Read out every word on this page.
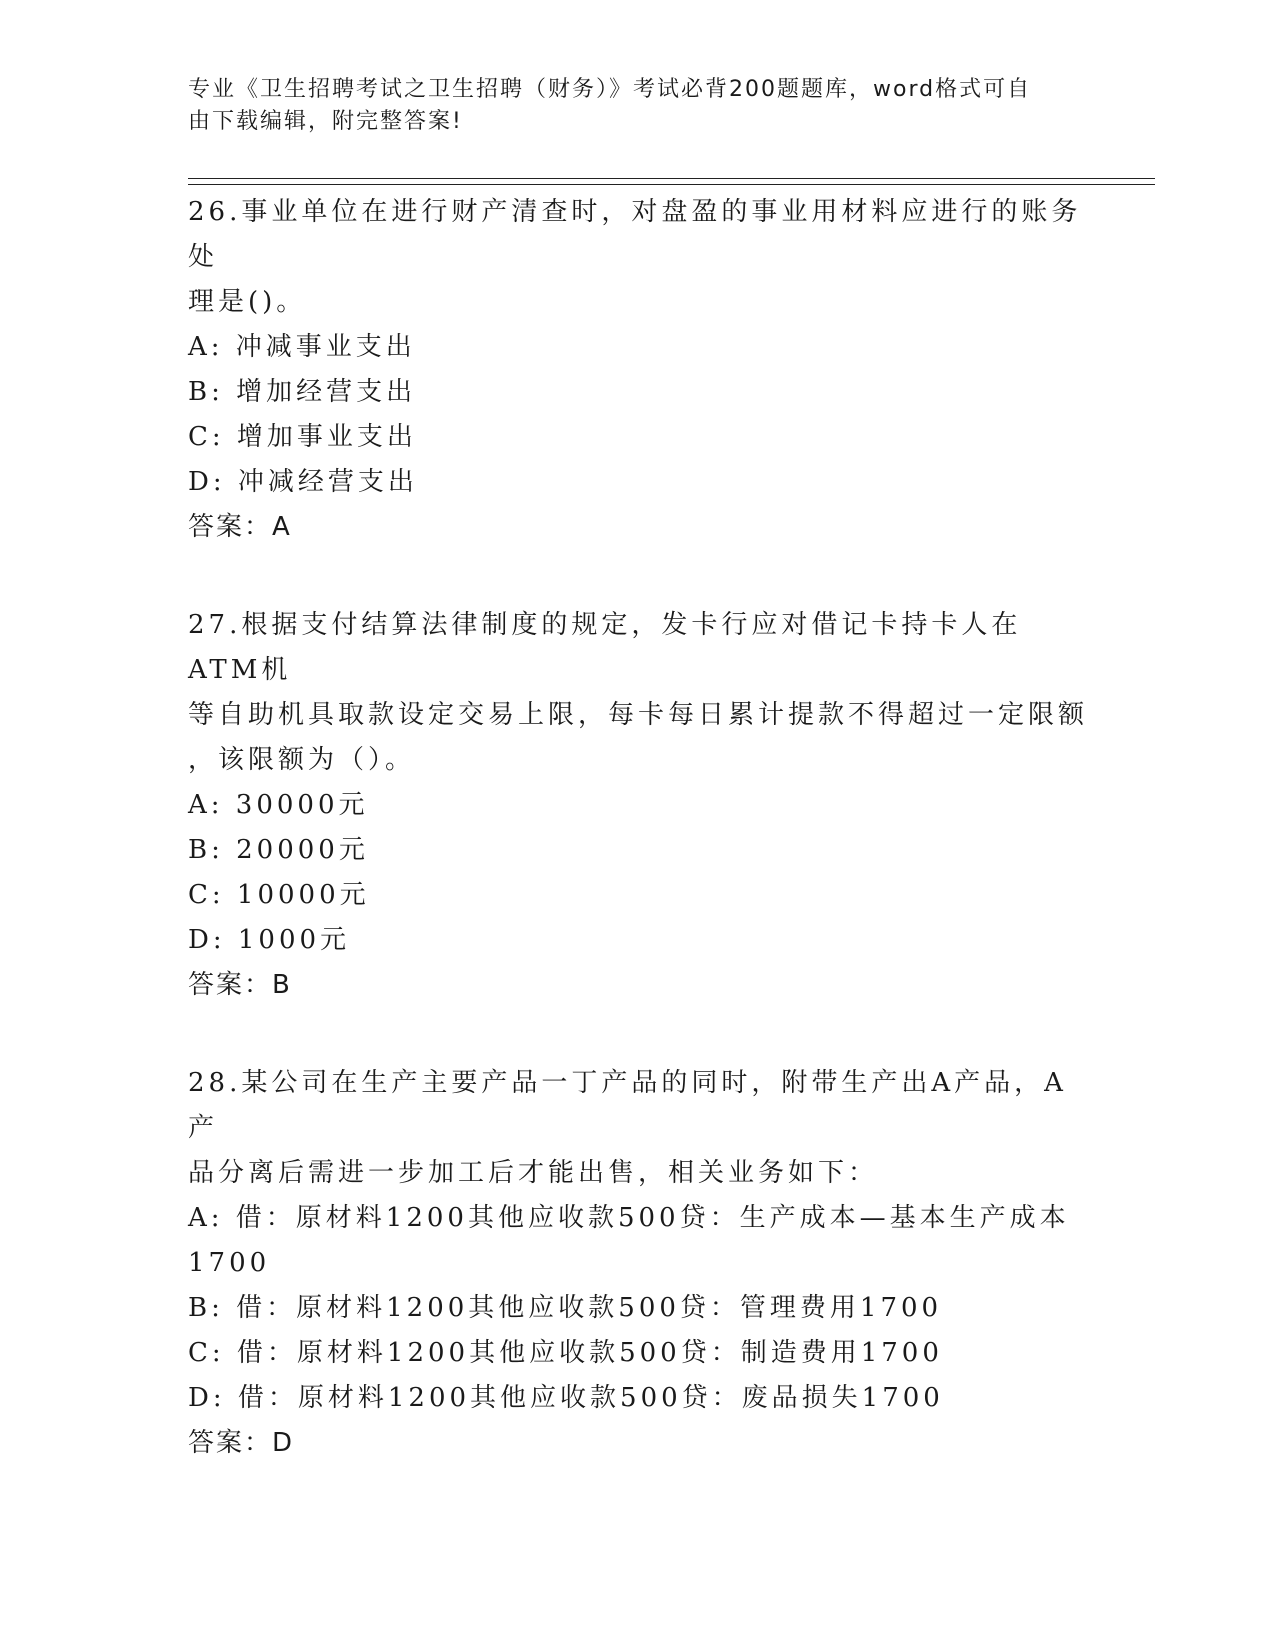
专业《卫生招聘考试之卫生招聘（财务）》考试必背200题题库，word格式可自
由下载编辑，附完整答案!

26.事业单位在进行财产清查时，对盘盈的事业用材料应进行的账务处

理是()。

A: 冲减事业支出

B: 增加经营支出

C: 增加事业支出

D: 冲减经营支出

答案：A

27.根据支付结算法律制度的规定，发卡行应对借记卡持卡人在ATM机

等自助机具取款设定交易上限，每卡每日累计提款不得超过一定限额

，该限额为（）。

A: 30000元

B: 20000元

C: 10000元

D: 1000元

答案：B

28.某公司在生产主要产品一丁产品的同时，附带生产出A产品，A产

品分离后需进一步加工后才能出售，相关业务如下：

A: 借：原材料1200其他应收款500贷：生产成本—基本生产成本

1700

B: 借：原材料1200其他应收款500贷：管理费用1700

C: 借：原材料1200其他应收款500贷：制造费用1700

D: 借：原材料1200其他应收款500贷：废品损失1700

答案：D
